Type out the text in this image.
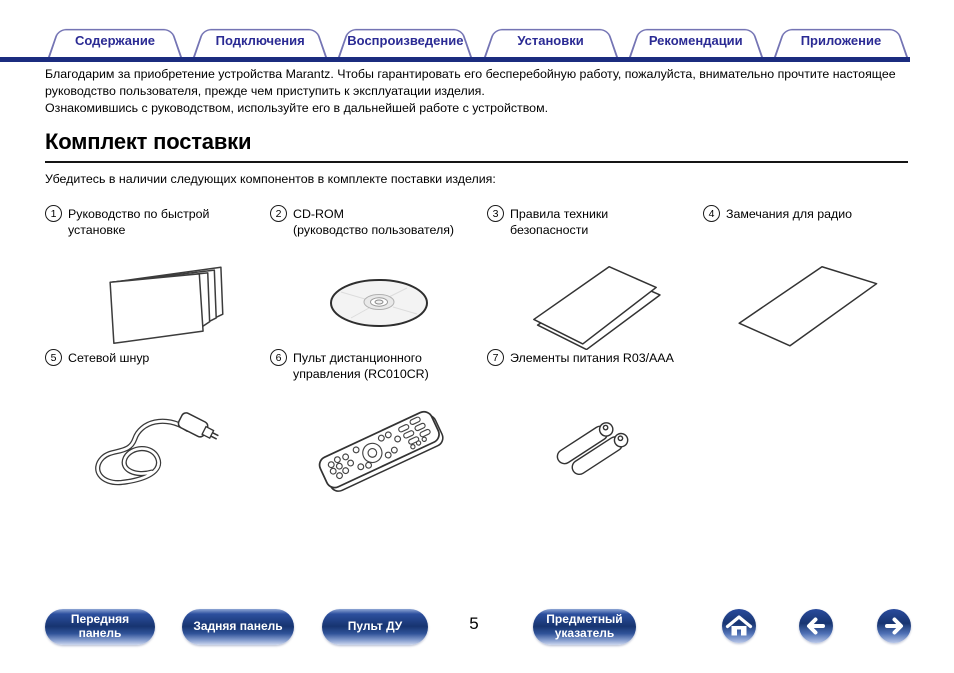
Содержание	Подключения	Воспроизведение	Установки	Рекомендации	Приложение
Благодарим за приобретение устройства Marantz. Чтобы гарантировать его бесперебойную работу, пожалуйста, внимательно прочтите настоящее руководство пользователя, прежде чем приступить к эксплуатации изделия.
Ознакомившись с руководством, используйте его в дальнейшей работе с устройством.
Комплект поставки
Убедитесь в наличии следующих компонентов в комплекте поставки изделия:
1 Руководство по быстрой
установке
2 CD-ROM
(руководство пользователя)
3 Правила техники
безопасности
4 Замечания для радио
5 Сетевой шнур	6 Пульт дистанционного
управления (RC010CR)
7 Элементы питания R03/AAA
Передняя панель	Задняя панель	Пульт ДУ	5	Предметный указатель
